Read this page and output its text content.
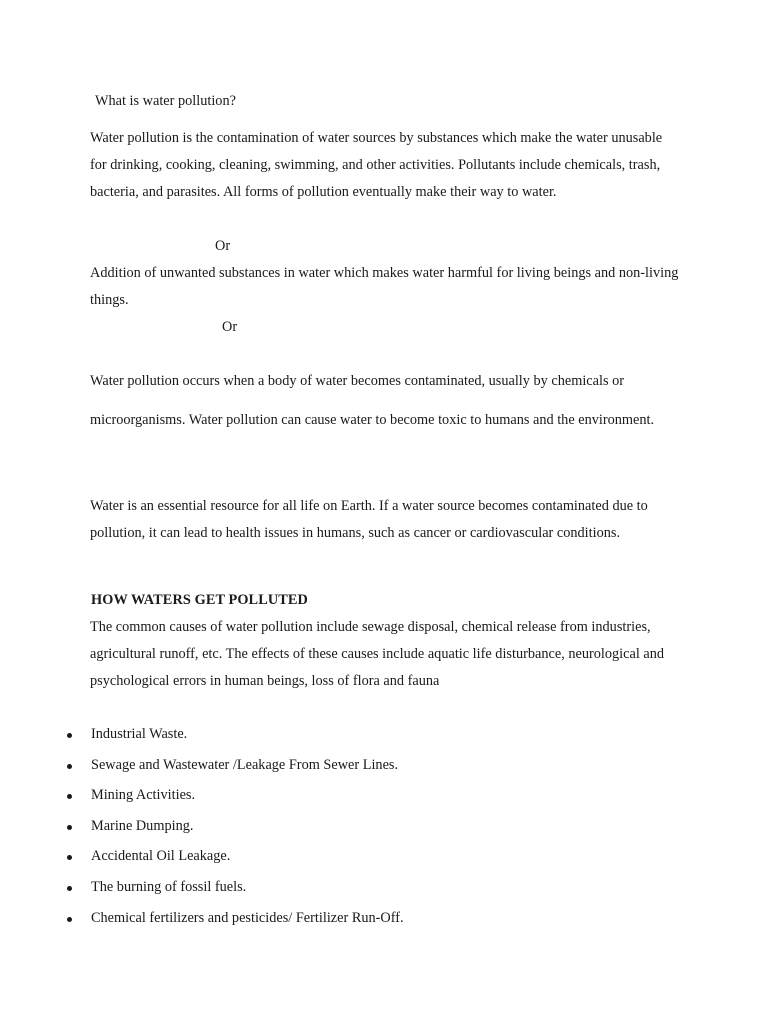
What is water pollution?

Water pollution is the contamination of water sources by substances which make the water unusable for drinking, cooking, cleaning, swimming, and other activities. Pollutants include chemicals, trash, bacteria, and parasites. All forms of pollution eventually make their way to water.

Or

Addition of unwanted substances in water which makes water harmful for living beings and non-living things.

Or

Water pollution occurs when a body of water becomes contaminated, usually by chemicals or microorganisms. Water pollution can cause water to become toxic to humans and the environment.

Water is an essential resource for all life on Earth. If a water source becomes contaminated due to pollution, it can lead to health issues in humans, such as cancer or cardiovascular conditions.

HOW WATERS GET POLLUTED

The common causes of water pollution include sewage disposal, chemical release from industries, agricultural runoff, etc. The effects of these causes include aquatic life disturbance, neurological and psychological errors in human beings, loss of flora and fauna

Industrial Waste.
Sewage and Wastewater /Leakage From Sewer Lines.
Mining Activities.
Marine Dumping.
Accidental Oil Leakage.
The burning of fossil fuels.
Chemical fertilizers and pesticides/ Fertilizer Run-Off.
